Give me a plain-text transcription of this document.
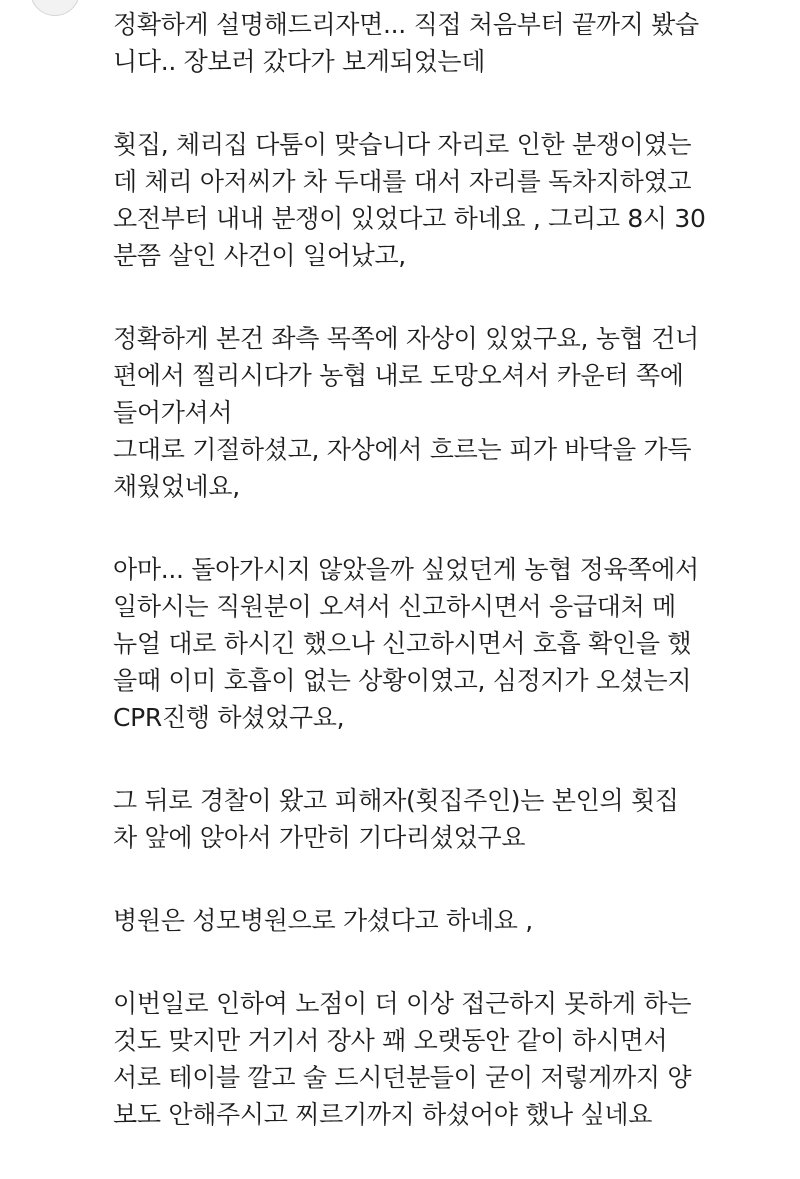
정확하게 설명해드리자면... 직접 처음부터 끝까지 봤습
니다.. 장보러 갔다가 보게되었는데
횟집, 체리집 다툼이 맞습니다 자리로 인한 분쟁이였는
데 체리 아저씨가 차 두대를 대서 자리를 독차지하였고
오전부터 내내 분쟁이 있었다고 하네요 , 그리고 8시 30
분쯤 살인 사건이 일어났고,
정확하게 본건 좌측 목쪽에 자상이 있었구요, 농협 건너
편에서 찔리시다가 농협 내로 도망오셔서 카운터 쪽에
들어가셔서
그대로 기절하셨고, 자상에서 흐르는 피가 바닥을 가득
채웠었네요,
아마... 돌아가시지 않았을까 싶었던게 농협 정육쪽에서
일하시는 직원분이 오셔서 신고하시면서 응급대처 메
뉴얼 대로 하시긴 했으나 신고하시면서 호흡 확인을 했
을때 이미 호흡이 없는 상황이였고, 심정지가 오셨는지
CPR진행 하셨었구요,
그 뒤로 경찰이 왔고 피해자(횟집주인)는 본인의 횟집
차 앞에 앉아서 가만히 기다리셨었구요
병원은 성모병원으로 가셨다고 하네요 ,
이번일로 인하여 노점이 더 이상 접근하지 못하게 하는
것도 맞지만 거기서 장사 꽤 오랫동안 같이 하시면서
서로 테이블 깔고 술 드시던분들이 굳이 저렇게까지 양
보도 안해주시고 찌르기까지 하셨어야 했나 싶네요
